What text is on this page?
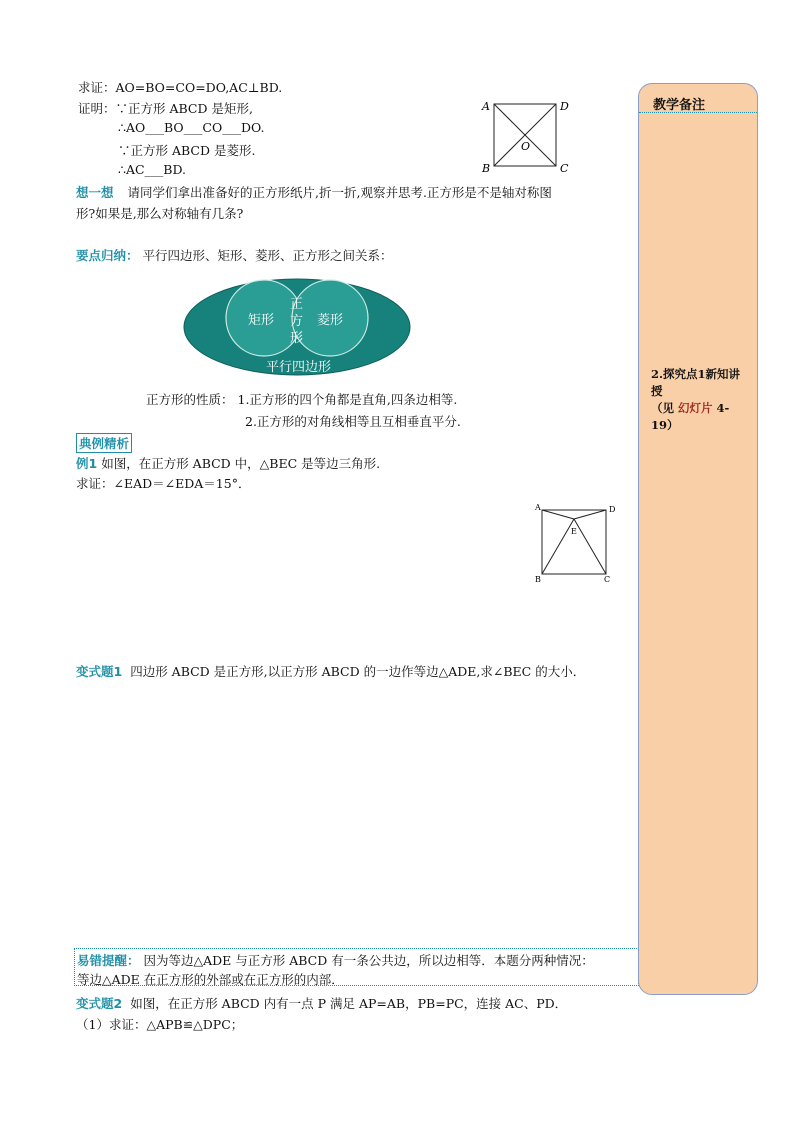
求证：AO=BO=CO=DO,AC⊥BD.
证明：∵正方形 ABCD 是矩形,
∴AO___BO___CO___DO.
∵正方形 ABCD 是菱形.
∴AC___BD.
A	D
B	C
O
想一想 请同学们拿出准备好的正方形纸片,折一折,观察并思考.正方形是不是轴对称图
形?如果是,那么对称轴有几条?
要点归纳： 平行四边形、矩形、菱形、正方形之间关系：
矩形	菱形
正
方
形
平行四边形
正方形的性质： 1.正方形的四个角都是直角,四条边相等.
2.正方形的对角线相等且互相垂直平分.
典例精析
例1 如图，在正方形 ABCD 中，△BEC 是等边三角形.
求证：∠EAD＝∠EDA＝15°．
A	D
B	C
E
变式题1 四边形 ABCD 是正方形,以正方形 ABCD 的一边作等边△ADE,求∠BEC 的大小．
易错提醒： 因为等边△ADE 与正方形 ABCD 有一条公共边，所以边相等．本题分两种情况：
等边△ADE 在正方形的外部或在正方形的内部．
变式题2 如图，在正方形 ABCD 内有一点 P 满足 AP=AB，PB=PC，连接 AC、PD．
（1）求证：△APB≌△DPC；
教学备注
2.探究点1新知讲授
（见 幻灯片 4-19）
